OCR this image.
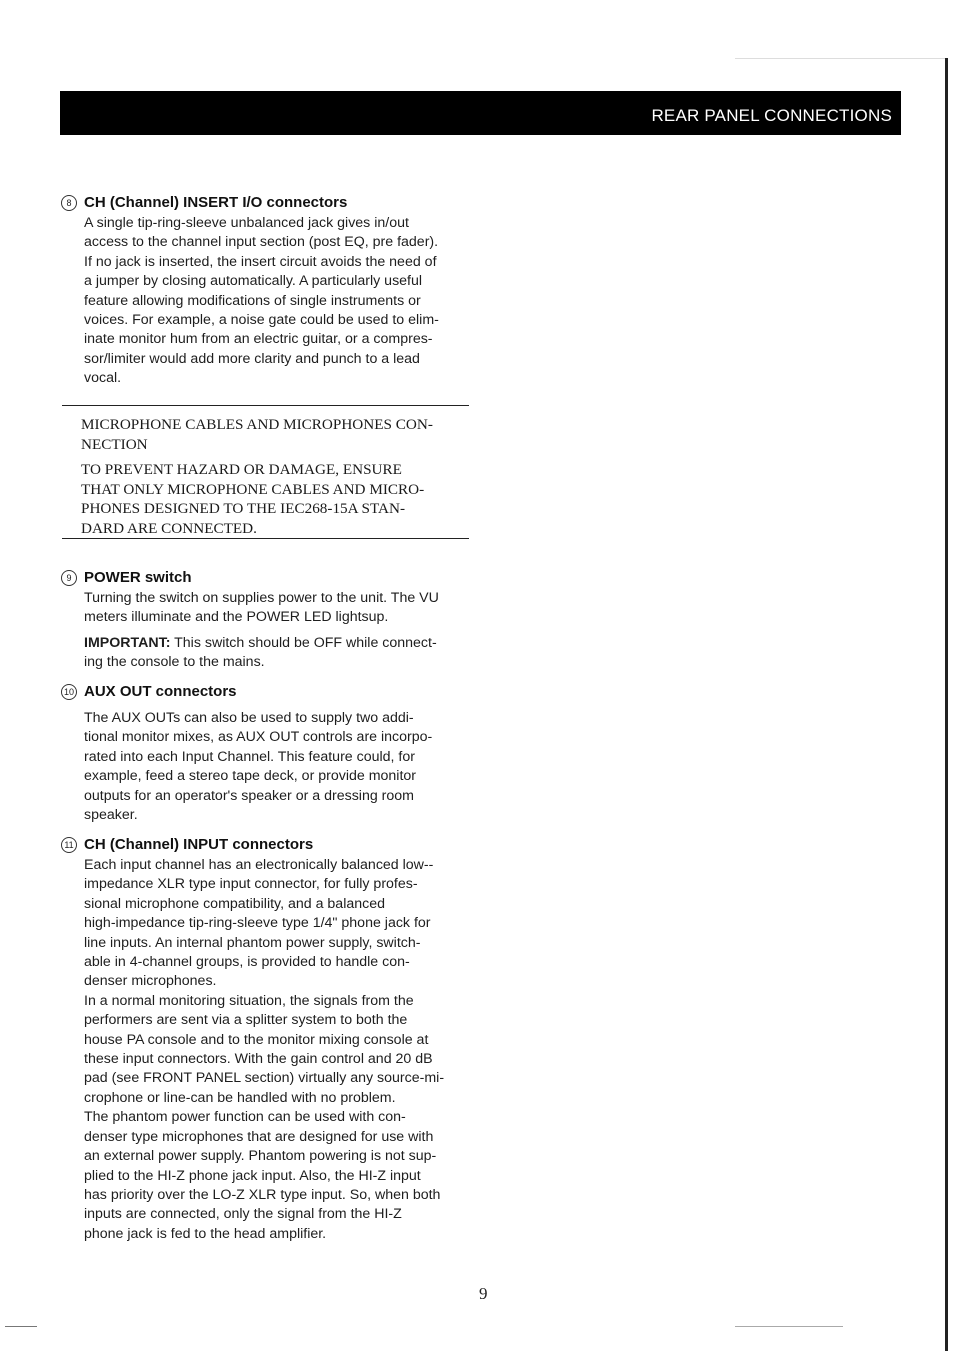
REAR PANEL CONNECTIONS
8 CH (Channel) INSERT I/O connectors

A single tip-ring-sleeve unbalanced jack gives in/out

access to the channel input section (post EQ, pre fader).

If no jack is inserted, the insert circuit avoids the need of

a jumper by closing automatically. A particularly useful

feature allowing modifications of single instruments or

voices. For example, a noise gate could be used to elim-

inate monitor hum from an electric guitar, or a compres-

sor/limiter would add more clarity and punch to a lead

vocal.

MICROPHONE CABLES AND MICROPHONES CON-
NECTION
TO PREVENT HAZARD OR DAMAGE, ENSURE
THAT ONLY MICROPHONE CABLES AND MICRO-
PHONES DESIGNED TO THE IEC268-15A STAN-
DARD ARE CONNECTED.
9 POWER switch

Turning the switch on supplies power to the unit. The VU

meters illuminate and the POWER LED lightsup.

IMPORTANT: This switch should be OFF while connect-

ing the console to the mains.

10 AUX OUT connectors

The AUX OUTs can also be used to supply two addi-

tional monitor mixes, as AUX OUT controls are incorpo-

rated into each Input Channel. This feature could, for

example, feed a stereo tape deck, or provide monitor

outputs for an operator's speaker or a dressing room

speaker.

11 CH (Channel) INPUT connectors

Each input channel has an electronically balanced low--

impedance XLR type input connector, for fully profes-

sional microphone compatibility, and a balanced

high-impedance tip-ring-sleeve type 1/4" phone jack for

line inputs. An internal phantom power supply, switch-

able in 4-channel groups, is provided to handle con-

denser microphones.

In a normal monitoring situation, the signals from the

performers are sent via a splitter system to both the

house PA console and to the monitor mixing console at

these input connectors. With the gain control and 20 dB

pad (see FRONT PANEL section) virtually any source-mi-

crophone or line-can be handled with no problem.

The phantom power function can be used with con-

denser type microphones that are designed for use with

an external power supply. Phantom powering is not sup-

plied to the HI-Z phone jack input. Also, the HI-Z input

has priority over the LO-Z XLR type input. So, when both

inputs are connected, only the signal from the HI-Z

phone jack is fed to the head amplifier.

9
